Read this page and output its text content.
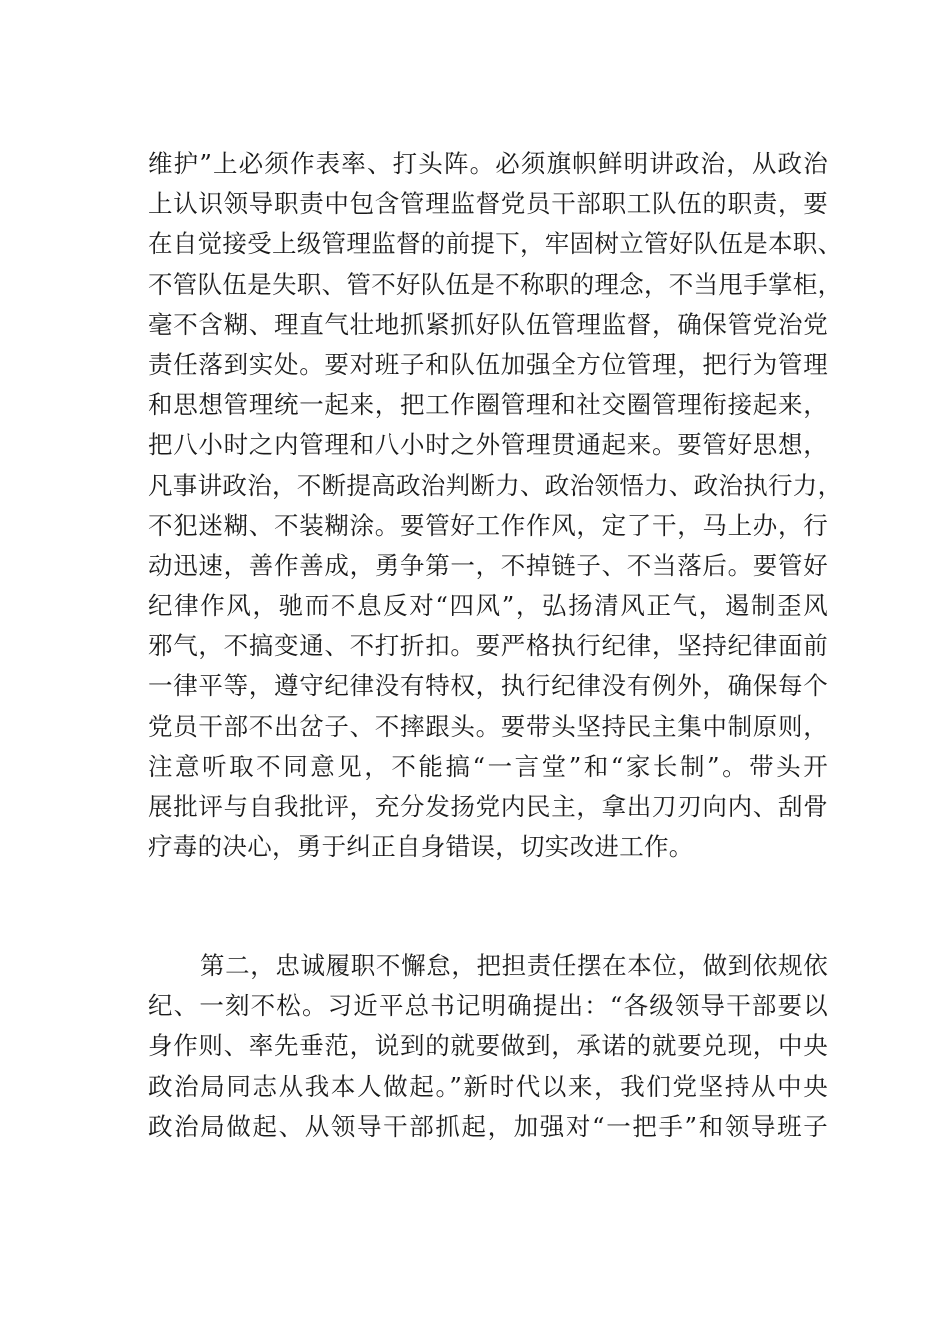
维护”上必须作表率、打头阵。必须旗帜鲜明讲政治，从政治
上认识领导职责中包含管理监督党员干部职工队伍的职责，要
在自觉接受上级管理监督的前提下，牢固树立管好队伍是本职、
不管队伍是失职、管不好队伍是不称职的理念，不当甩手掌柜，
毫不含糊、理直气壮地抓紧抓好队伍管理监督，确保管党治党
责任落到实处。要对班子和队伍加强全方位管理，把行为管理
和思想管理统一起来，把工作圈管理和社交圈管理衔接起来，
把八小时之内管理和八小时之外管理贯通起来。要管好思想，
凡事讲政治，不断提高政治判断力、政治领悟力、政治执行力，
不犯迷糊、不装糊涂。要管好工作作风，定了干，马上办，行
动迅速，善作善成，勇争第一，不掉链子、不当落后。要管好
纪律作风，驰而不息反对“四风”，弘扬清风正气，遏制歪风
邪气，不搞变通、不打折扣。要严格执行纪律，坚持纪律面前
一律平等，遵守纪律没有特权，执行纪律没有例外，确保每个
党员干部不出岔子、不摔跟头。要带头坚持民主集中制原则，
注意听取不同意见，不能搞“一言堂”和“家长制”。带头开
展批评与自我批评，充分发扬党内民主，拿出刀刃向内、刮骨
疗毒的决心，勇于纠正自身错误，切实改进工作。
第二，忠诚履职不懈怠，把担责任摆在本位，做到依规依
纪、一刻不松。习近平总书记明确提出：“各级领导干部要以
身作则、率先垂范，说到的就要做到，承诺的就要兑现，中央
政治局同志从我本人做起。”新时代以来，我们党坚持从中央
政治局做起、从领导干部抓起，加强对“一把手”和领导班子
